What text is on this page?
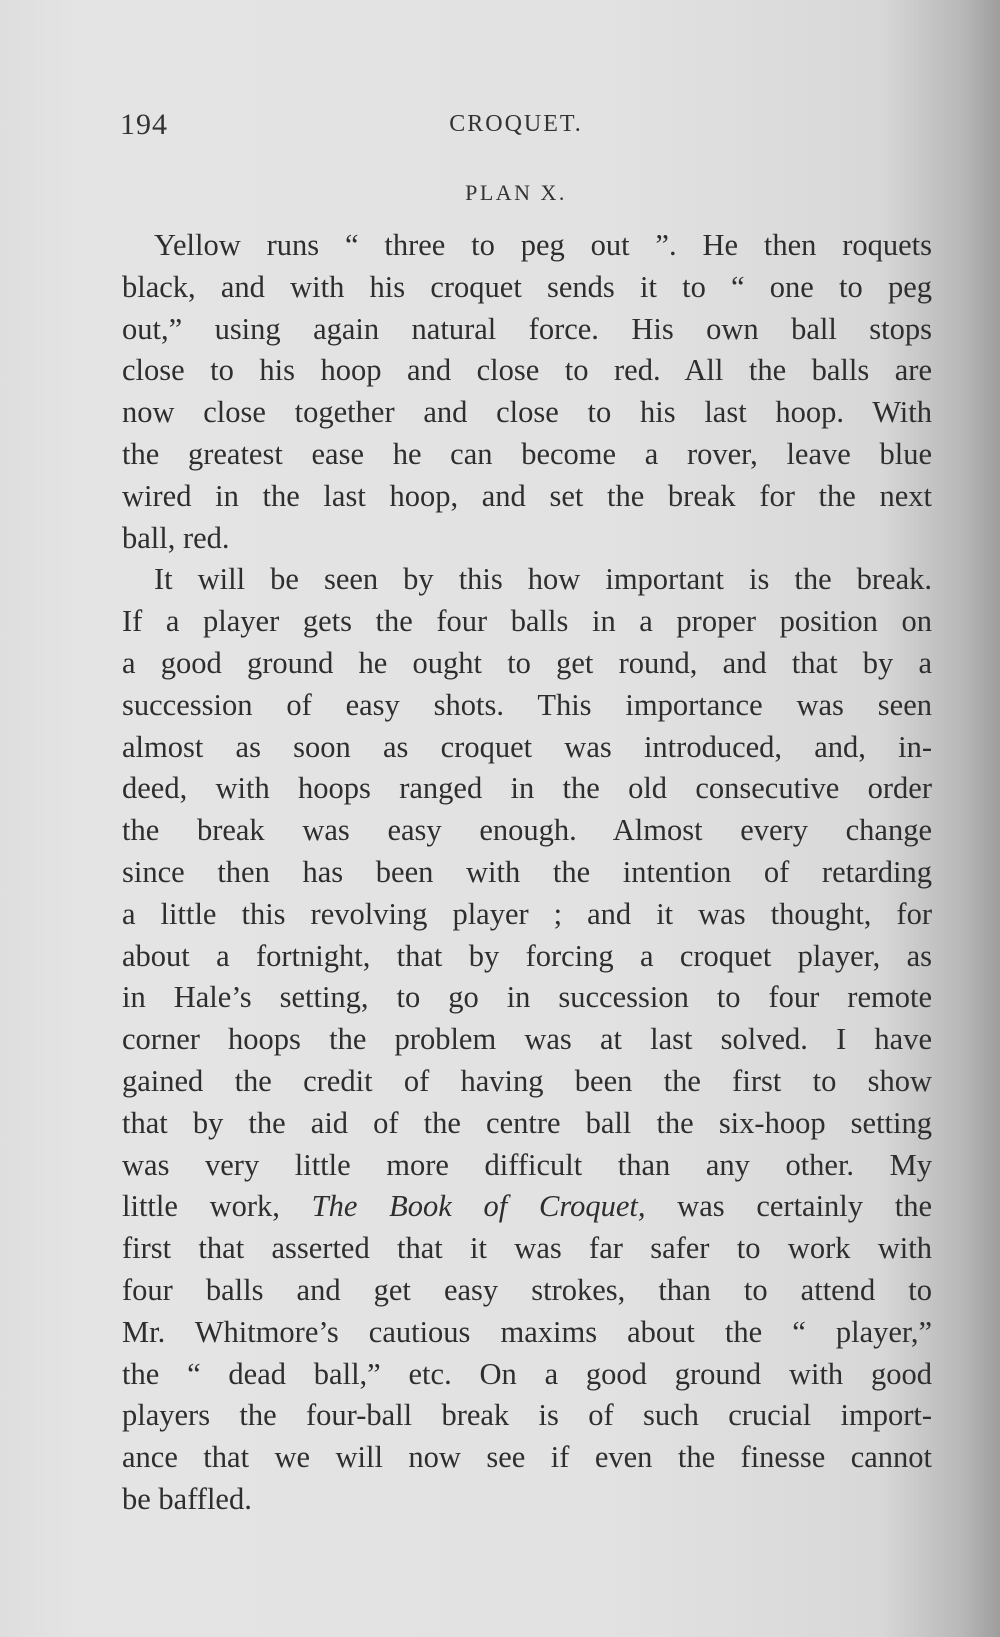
194	CROQUET.
PLAN X.
Yellow runs “ three to peg out ”. He then roquets
black, and with his croquet sends it to “ one to peg
out,” using again natural force. His own ball stops
close to his hoop and close to red. All the balls are
now close together and close to his last hoop. With
the greatest ease he can become a rover, leave blue
wired in the last hoop, and set the break for the next
ball, red.
It will be seen by this how important is the break.
If a player gets the four balls in a proper position on
a good ground he ought to get round, and that by a
succession of easy shots. This importance was seen
almost as soon as croquet was introduced, and, in-
deed, with hoops ranged in the old consecutive order
the break was easy enough. Almost every change
since then has been with the intention of retarding
a little this revolving player ; and it was thought, for
about a fortnight, that by forcing a croquet player, as
in Hale’s setting, to go in succession to four remote
corner hoops the problem was at last solved. I have
gained the credit of having been the first to show
that by the aid of the centre ball the six-hoop setting
was very little more difficult than any other. My
little work, The Book of Croquet, was certainly the
first that asserted that it was far safer to work with
four balls and get easy strokes, than to attend to
Mr. Whitmore’s cautious maxims about the “ player,”
the “ dead ball,” etc. On a good ground with good
players the four-ball break is of such crucial import-
ance that we will now see if even the finesse cannot
be baffled.
